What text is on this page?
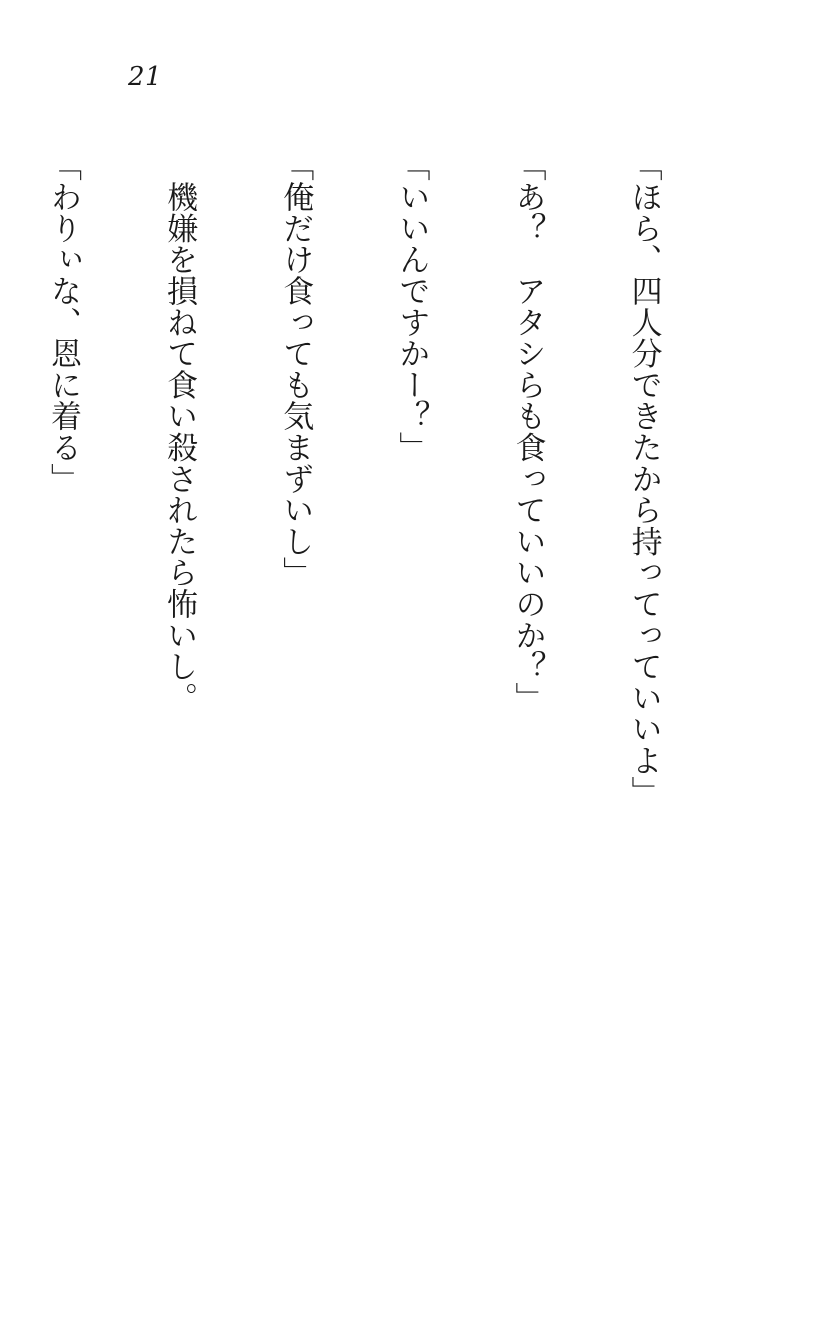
21

「ほら、四人分できたから持ってっていいよ」

「あ？　アタシらも食っていいのか？」

「いいんですかー？」

「俺だけ食っても気まずいし」

　機嫌を損ねて食い殺されたら怖いし。

「わりぃな、恩に着る」
